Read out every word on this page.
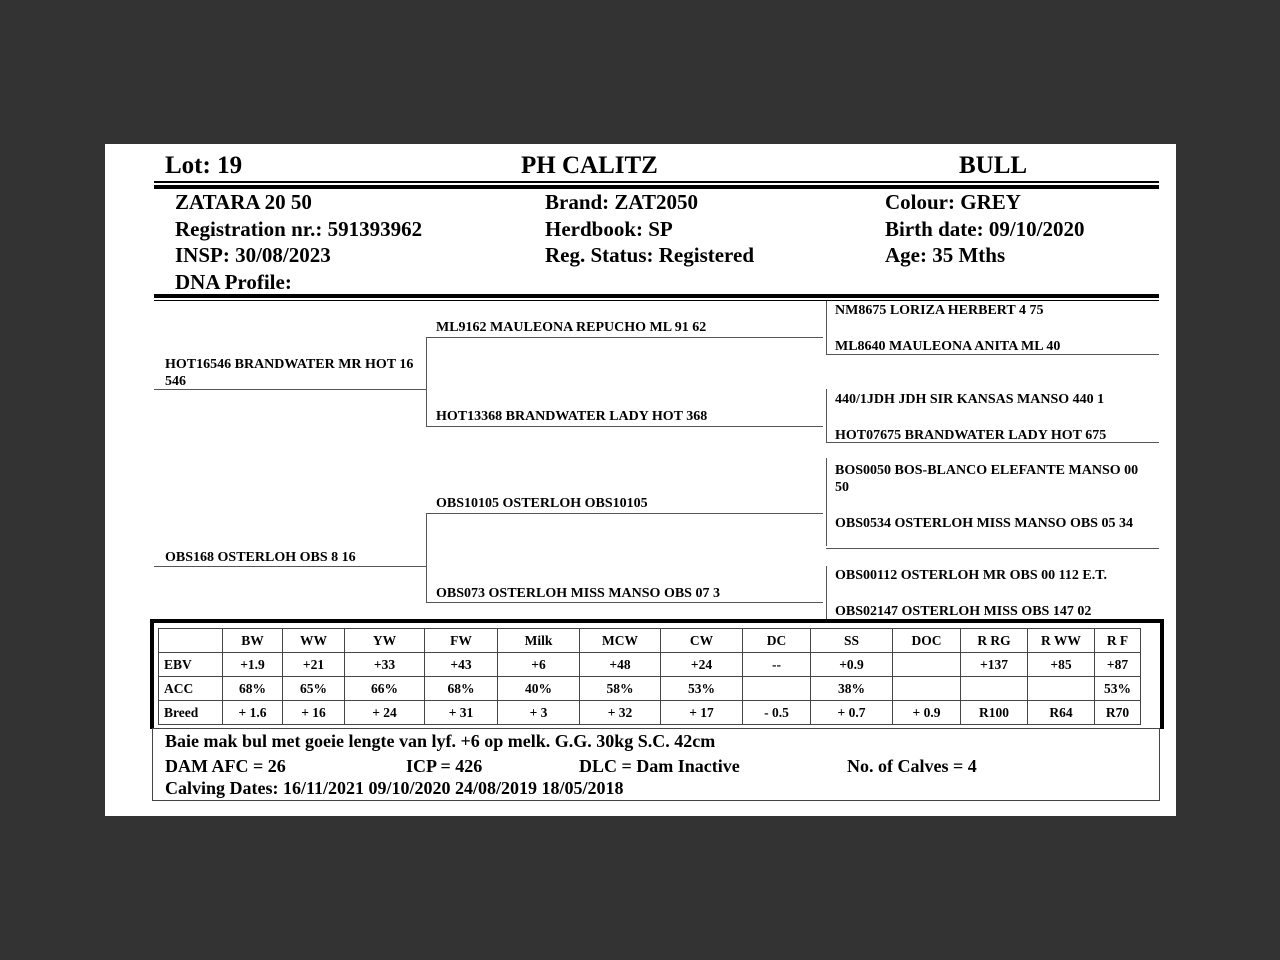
Lot: 19	PH CALITZ	BULL
ZATARA 20 50
Registration nr.: 591393962
INSP: 30/08/2023
DNA Profile:
Brand: ZAT2050
Herdbook: SP
Reg. Status: Registered
Colour: GREY
Birth date: 09/10/2020
Age: 35 Mths
HOT16546 BRANDWATER MR HOT 16 546
OBS168 OSTERLOH OBS 8 16
ML9162 MAULEONA REPUCHO ML 91 62
HOT13368 BRANDWATER LADY HOT 368
OBS10105 OSTERLOH OBS10105
OBS073 OSTERLOH MISS MANSO OBS 07 3
NM8675 LORIZA HERBERT 4 75
ML8640 MAULEONA ANITA ML 40
440/1JDH JDH SIR KANSAS MANSO 440 1
HOT07675 BRANDWATER LADY HOT 675
BOS0050 BOS-BLANCO ELEFANTE MANSO 00 50
OBS0534 OSTERLOH MISS MANSO OBS 05 34
OBS00112 OSTERLOH MR OBS 00 112 E.T.
OBS02147 OSTERLOH MISS OBS 147 02
	BW	WW	YW	FW	Milk	MCW	CW	DC	SS	DOC	R RG	R WW	R F
EBV	+1.9	+21	+33	+43	+6	+48	+24	--	+0.9		+137	+85	+87
ACC	68%	65%	66%	68%	40%	58%	53%		38%				53%
Breed	+ 1.6	+ 16	+ 24	+ 31	+ 3	+ 32	+ 17	- 0.5	+ 0.7	+ 0.9	R100	R64	R70
Baie mak bul met goeie lengte van lyf. +6 op melk. G.G. 30kg S.C. 42cm
DAM AFC = 26	ICP = 426	DLC = Dam Inactive	No. of Calves = 4
Calving Dates: 16/11/2021 09/10/2020 24/08/2019 18/05/2018
